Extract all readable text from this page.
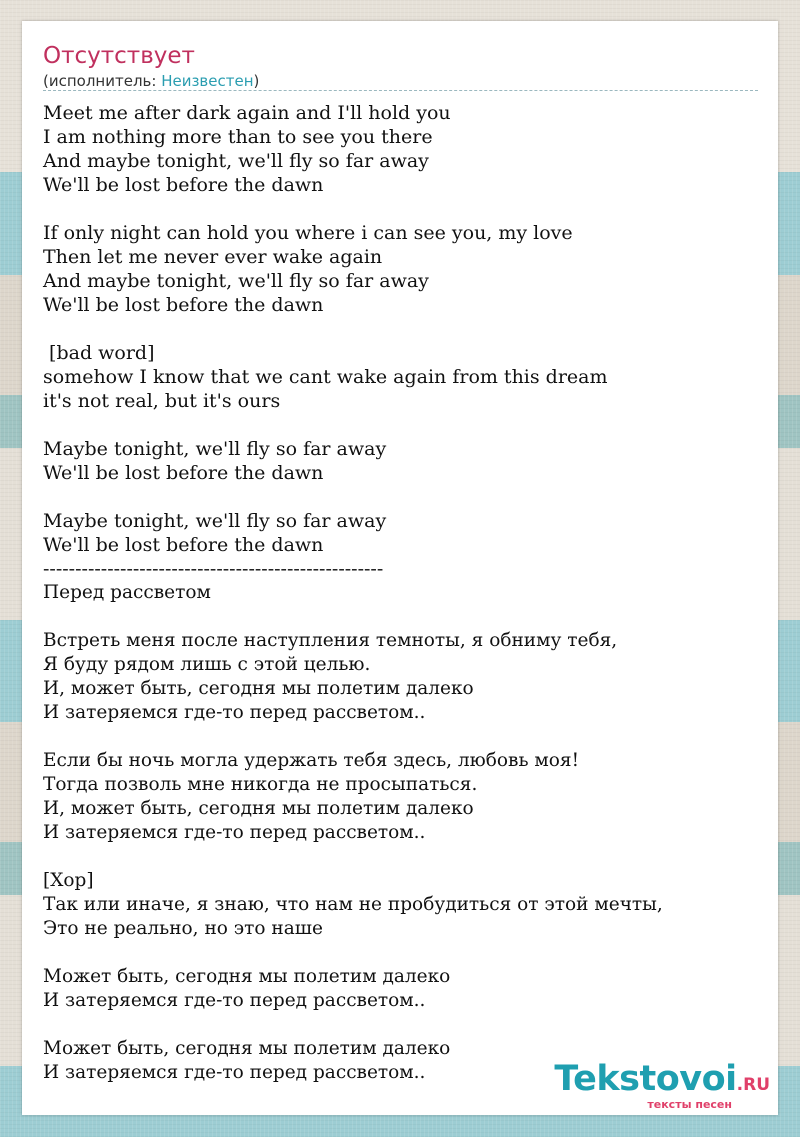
Отсутствует
(исполнитель: Неизвестен)
Meet me after dark again and I'll hold you
I am nothing more than to see you there
And maybe tonight, we'll fly so far away
We'll be lost before the dawn
If only night can hold you where i can see you, my love
Then let me never ever wake again
And maybe tonight, we'll fly so far away
We'll be lost before the dawn
[bad word]
somehow I know that we cant wake again from this dream
it's not real, but it's ours
Maybe tonight, we'll fly so far away
We'll be lost before the dawn
Maybe tonight, we'll fly so far away
We'll be lost before the dawn
-----------------------------------------------------
Перед рассветом
Встреть меня после наступления темноты, я обниму тебя,
Я буду рядом лишь с этой целью.
И, может быть, сегодня мы полетим далеко
И затеряемся где-то перед рассветом..
Если бы ночь могла удержать тебя здесь, любовь моя!
Тогда позволь мне никогда не просыпаться.
И, может быть, сегодня мы полетим далеко
И затеряемся где-то перед рассветом..
[Хор]
Так или иначе, я знаю, что нам не пробудиться от этой мечты,
Это не реально, но это наше
Может быть, сегодня мы полетим далеко
И затеряемся где-то перед рассветом..
Может быть, сегодня мы полетим далеко
И затеряемся где-то перед рассветом..	Tekstovoi.RU
тексты песен
